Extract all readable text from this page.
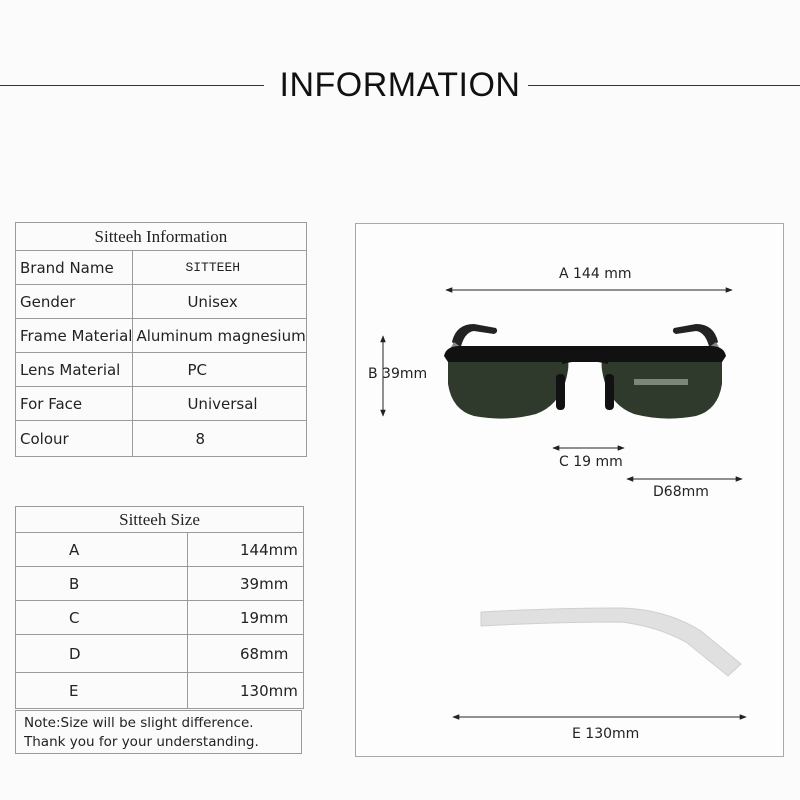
INFORMATION
Sitteeh Information	
Brand Name	SITTEEH
Gender	Unisex
Frame Material	Aluminum magnesium
Lens Material	PC
For Face	Universal
Colour	8
Sitteeh Size	
A	144mm
B	39mm
C	19mm
D	68mm
E	130mm
Note:Size will be slight difference.
Thank you for your understanding.
A 144 mm
B 39mm
C 19 mm
D68mm
E 130mm
